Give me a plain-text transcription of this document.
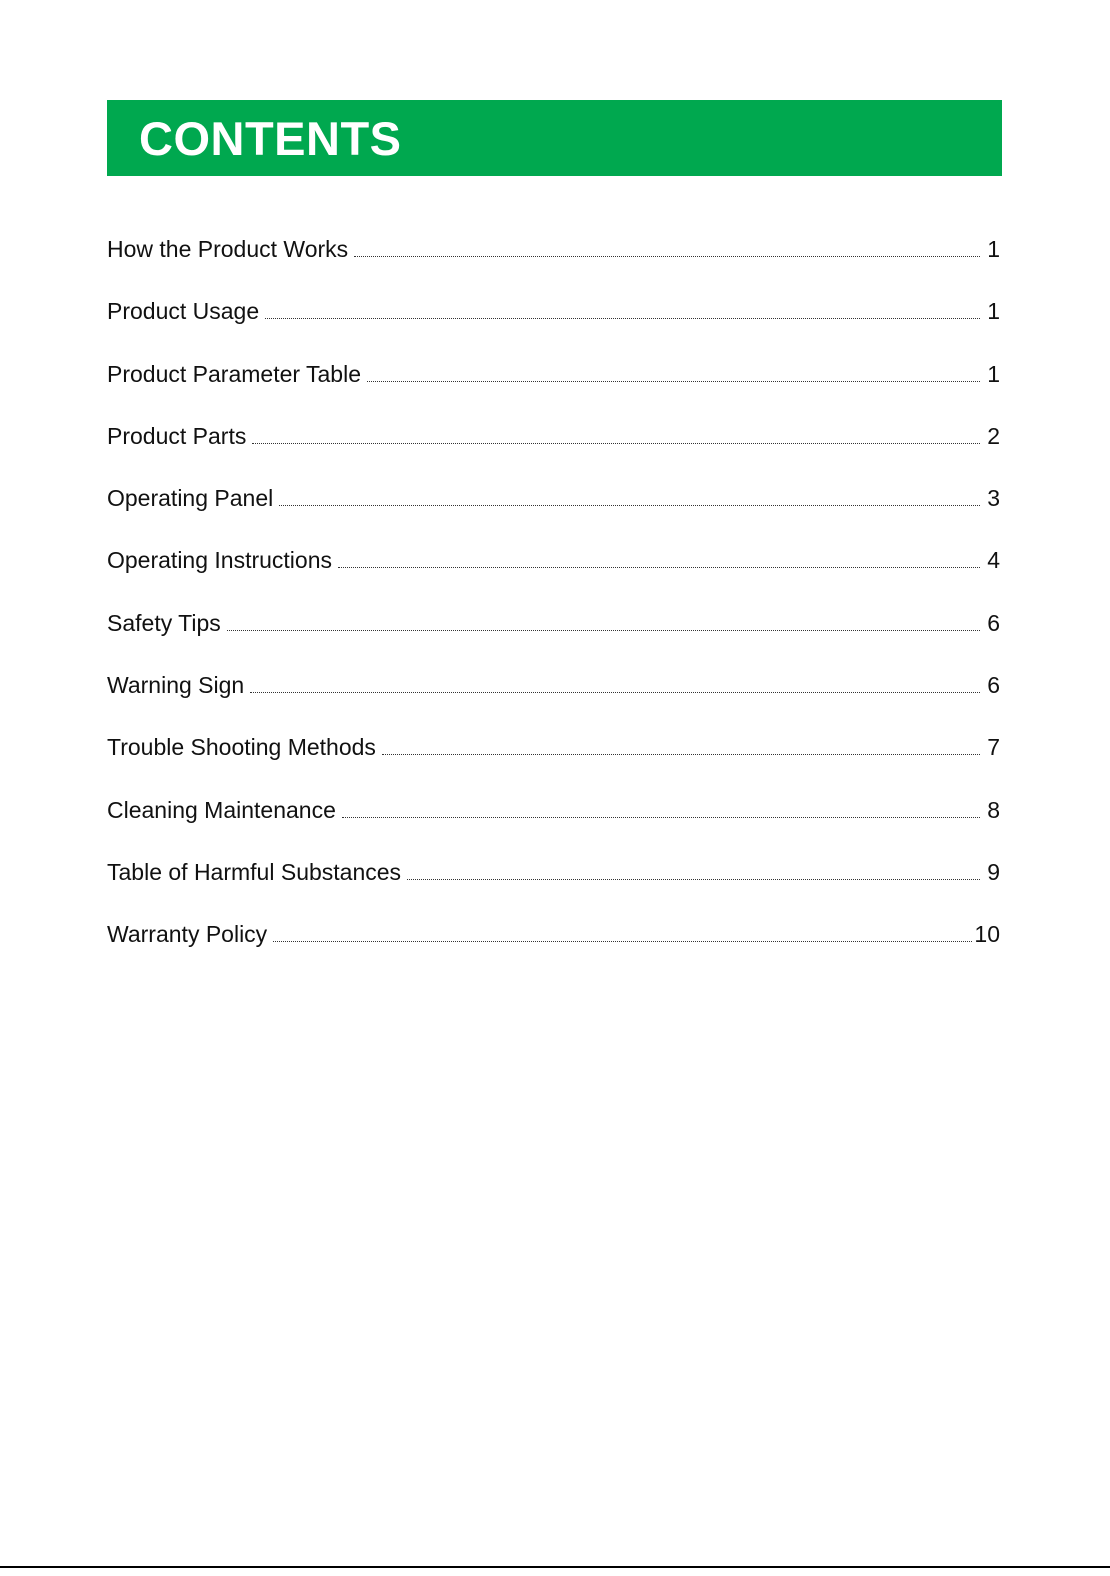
CONTENTS
How the Product Works	1
Product Usage	1
Product Parameter Table	1
Product Parts	2
Operating Panel	3
Operating Instructions	4
Safety Tips	6
Warning Sign	6
Trouble Shooting Methods	7
Cleaning Maintenance	8
Table of Harmful Substances	9
Warranty Policy	10
